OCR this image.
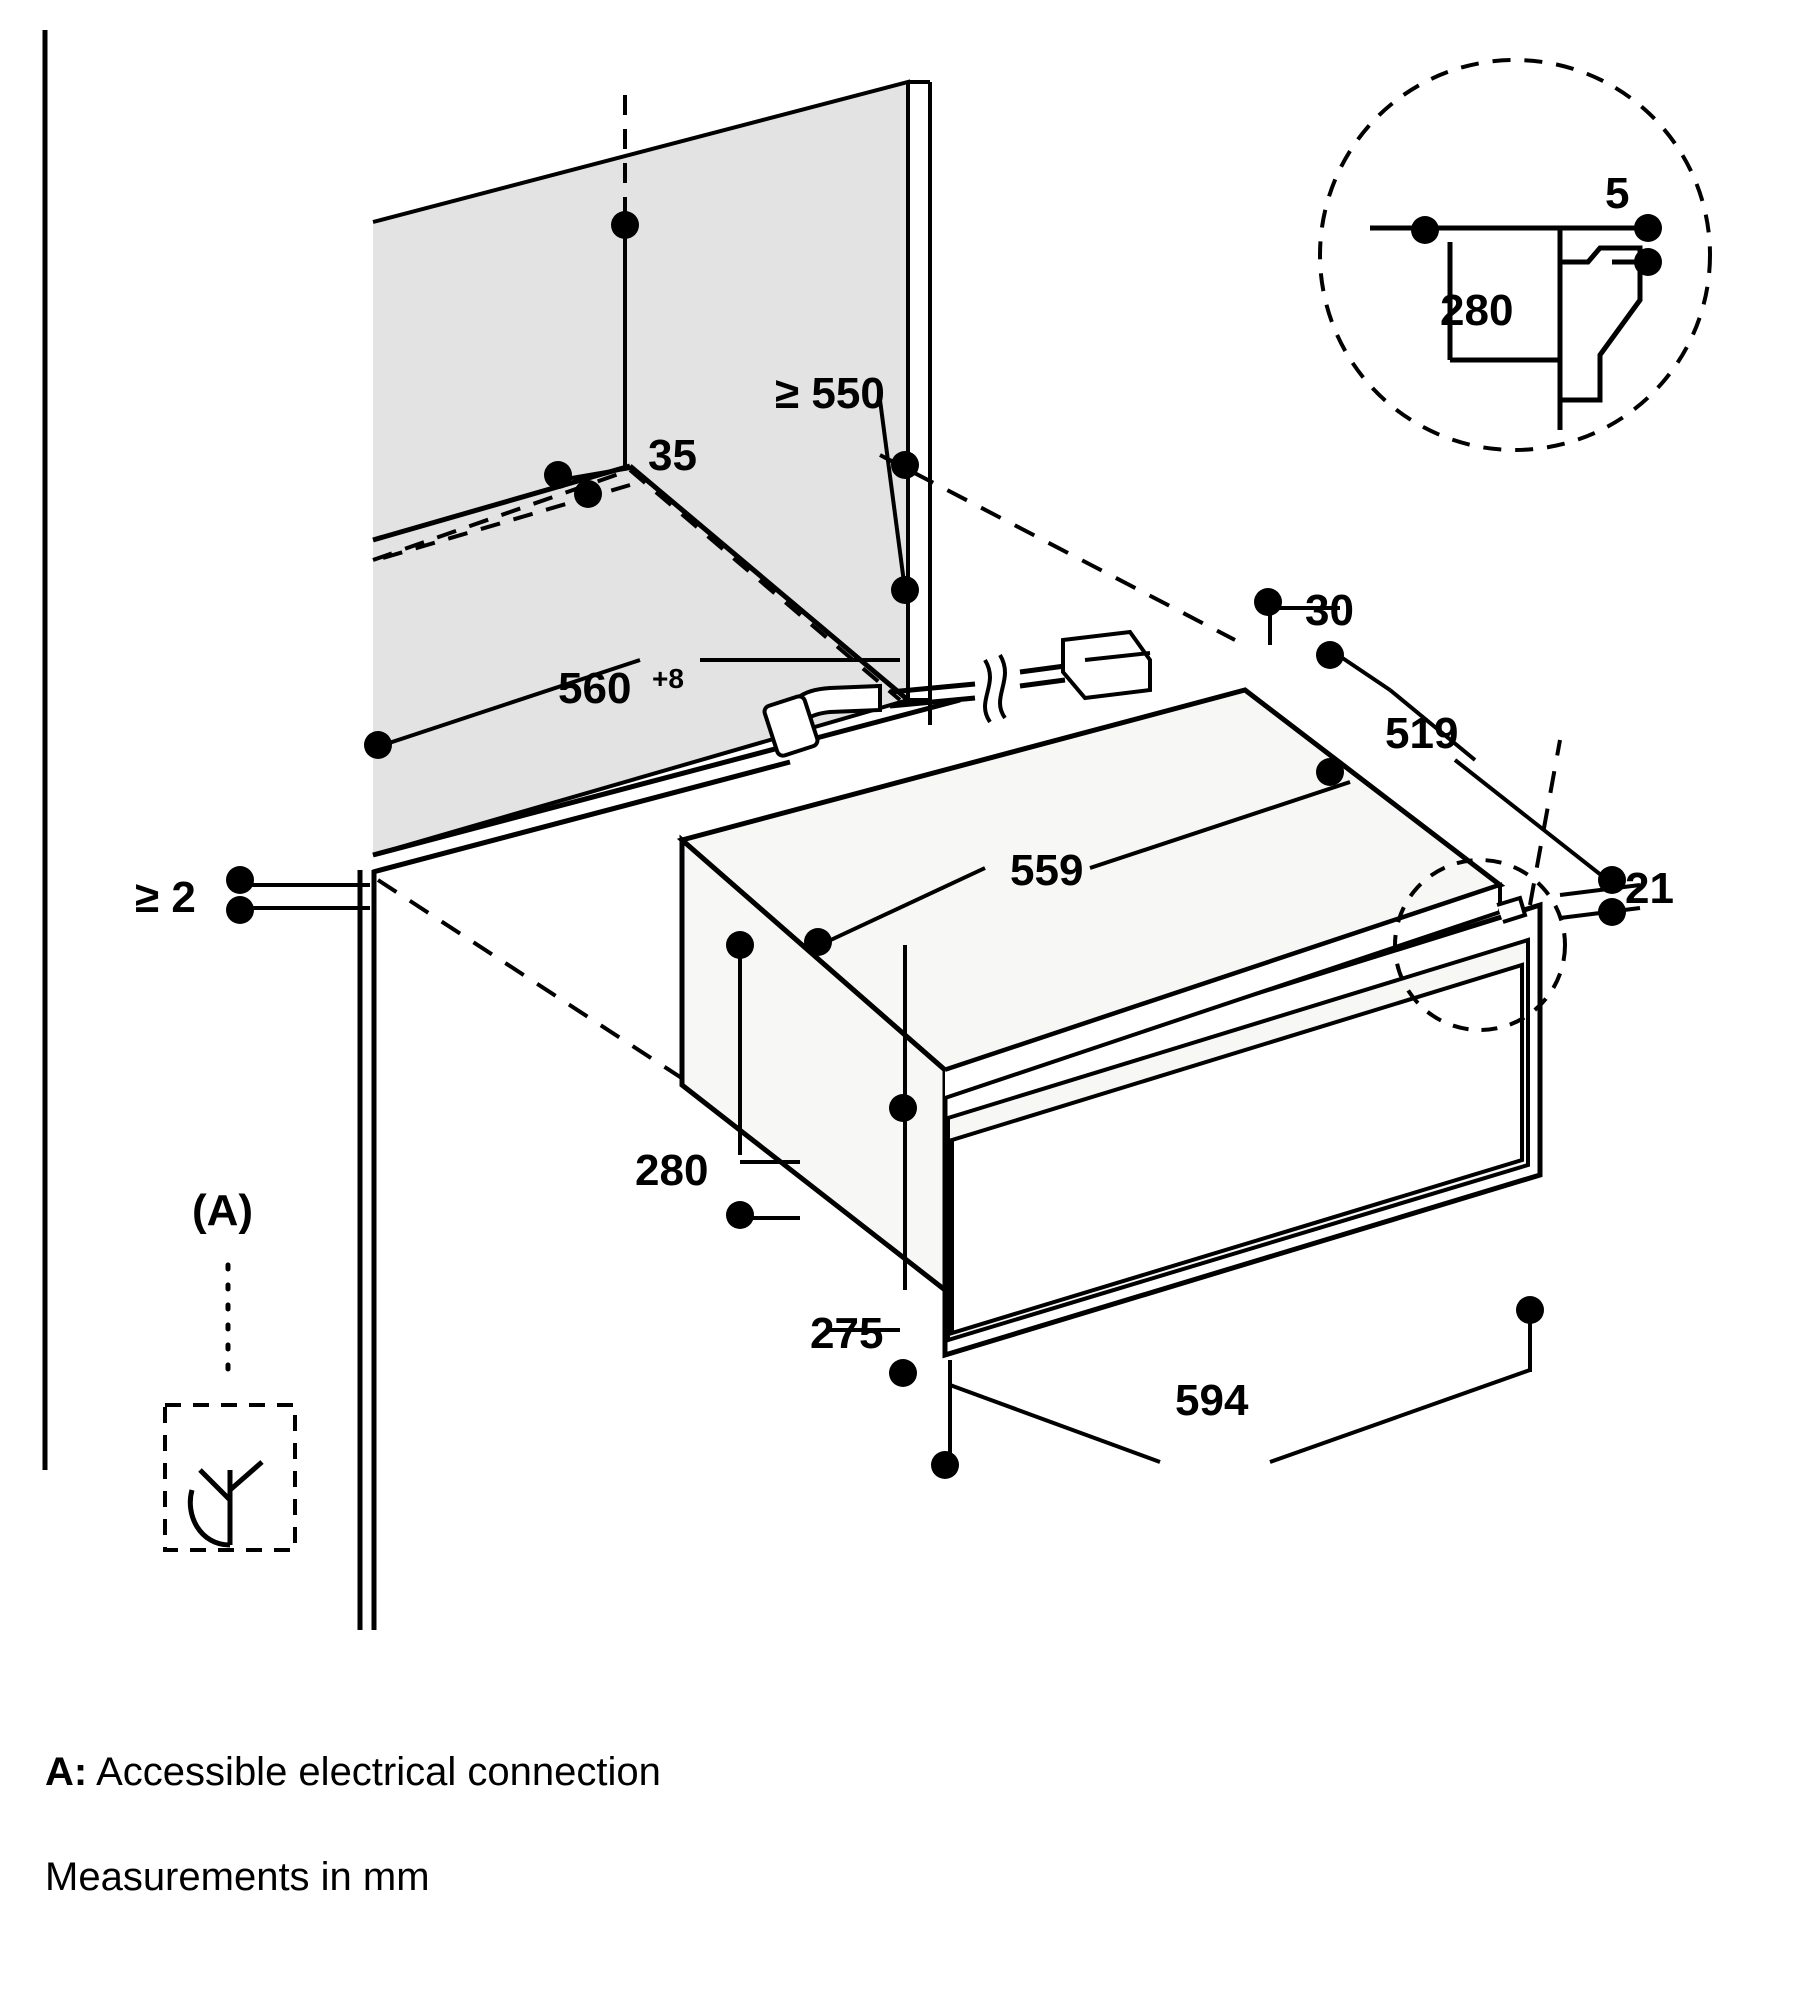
≥ 550
35
560 +8
≥ 2
30
519
559	21
280
275
594
5
280
(A)
A: Accessible electrical connection
Measurements in mm
